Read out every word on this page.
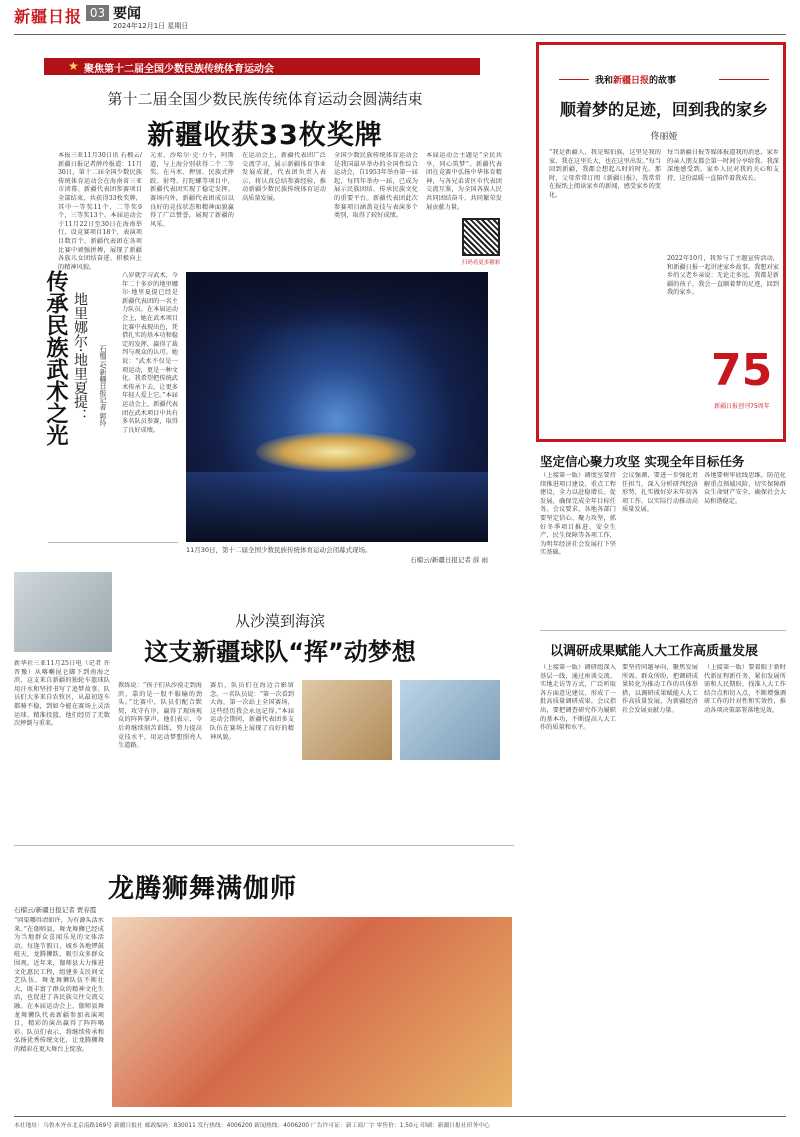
新疆日报 03 要闻
2024年12月1日 星期日
★ 聚焦第十二届全国少数民族传统体育运动会
第十二届全国少数民族传统体育运动会圆满结束
新疆收获33枚奖牌
本报三亚11月30日讯 石榴云/新疆日报记者薛玲报道：11月30日，第十二届全国少数民族传统体育运动会在海南省三亚市闭幕。新疆代表团参赛项目全部结束，共获得33枚奖牌，其中一等奖11个，二等奖9个，三等奖13个。本届运动会于11月22日至30日在海南举行，设竞赛项目18个，表演项目数百个，新疆代表团在各项比赛中顽强拼搏，展现了新疆各族儿女团结奋进、积极向上的精神风貌。
元朮、沙哈尔·克·力千，阿斯道，与上海分别获得二个二等奖。在马术、押加、民族式摔跤、射弩、打陀螺等项目中，新疆代表团实现了稳定发挥。赛场内外，新疆代表团成员以良好的竞技状态和精神面貌赢得了广泛赞誉，展现了新疆的风采。
在运动会上，新疆代表团广泛交流学习，展示新疆体育事业发展成就，代表团负责人表示，将认真总结参赛经验，推动新疆少数民族传统体育运动高质量发展。
全国少数民族传统体育运动会是我国最早举办的全国性综合运动会，自1953年举办第一届起，每四年举办一届，已成为展示民族团结、传承民族文化的重要平台。新疆代表团此次参赛项目涵盖竞技与表演多个类别，取得了较好成绩。
本届运动会主题是“全民共享，同心筑梦”。新疆代表团在竞赛中弘扬中华体育精神，与各兄弟省区市代表团交流互鉴，为全国各族人民共同团结奋斗、共同繁荣发展贡献力量。
传承民族武术之光 地里娜尔·地里夏提： 石榴云/新疆日报记者 郭玲
八岁就学习武术，今年二十多岁的地里娜尔·地里夏提已经是新疆代表团的一名主力队员。在本届运动会上，她在武术项目比赛中表现出色，凭借扎实的基本功和稳定的发挥，赢得了裁判与观众的认可。她说：“武术不仅是一项运动，更是一种文化。我希望把传统武术传承下去，让更多年轻人爱上它。”本届运动会上，新疆代表团在武术项目中共有多名队员参赛，取得了良好成绩。
11月30日，第十二届全国少数民族传统体育运动会闭幕式现场。
石榴云/新疆日报记者 薛 雨
从沙漠到海滨
这支新疆球队“挥”动梦想
新华社三亚11月25日电（记者 许晋豫）从喀喇昆仑脚下到南海之滨，这支来自新疆的独轮车篮球队用汗水和坚持书写了追梦故事。队员们大多来自农牧区，从最初连车都骑不稳，到如今能在赛场上灵活运球、精准投篮，他们经历了无数次摔倒与重来。
教练说：“孩子们从沙漠走到海滨，靠的是一股不服输的劲头。”比赛中，队员们配合默契，攻守有序，赢得了现场观众的阵阵掌声。他们表示，今后将继续刻苦训练，努力提高竞技水平，用运动梦想照亮人生道路。
赛后，队员们在海边合影留念。一名队员说：“第一次看到大海，第一次站上全国赛场，这些经历我会永远记得。”本届运动会期间，新疆代表团多支队伍在赛场上展现了良好的精神风貌。
龙腾狮舞满伽师
石榴云/新疆日报记者 贾春霞
“问渠哪得清如许，为有源头活水来。”在伽师县，舞龙舞狮已经成为当地群众喜闻乐见的文体活动。每逢节假日，城乡各地锣鼓喧天，龙腾狮跃，吸引众多群众围观。近年来，伽师县大力推进文化惠民工程，组建多支民间文艺队伍，舞龙舞狮队伍不断壮大，既丰富了群众的精神文化生活，也促进了各民族交往交流交融。在本届运动会上，伽师县舞龙舞狮队代表新疆参加表演项目，精彩的演出赢得了阵阵喝彩。队员们表示，将继续传承和弘扬优秀传统文化，让龙腾狮舞的精彩在更大舞台上绽放。
我和新疆日报的故事
顺着梦的足迹，回到我的家乡
佟丽娅
“我是新疆人，我是锡伯族，这里是我的家，我在这里长大，也在这里出发。”每当回到新疆，我都会想起儿时的时光。那时，父母常常订阅《新疆日报》，我常常在报纸上阅读家乡的新闻，感受家乡的变化。
每当新疆日报等媒体报道我的消息，家乡的亲人朋友都会第一时间分享给我。我深深地感受到，家乡人民对我的关心和支持，这份温暖一直陪伴着我成长。
2022年10月，我参与了主题宣传活动，和新疆日报一起讲述家乡故事。我想对家乡的父老乡亲说：无论走多远，我都是新疆的孩子，我会一直顺着梦的足迹，回到我的家乡。
75
新疆日报创刊75周年
扫码看更多精彩
坚定信心聚力攻坚 实现全年目标任务
（上接第一版）调度室要持续推进项目建设、重点工程建设，全力以赴稳增长、促发展，确保完成全年目标任务。会议要求，各地各部门要坚定信心、聚力攻坚，抓好冬季项目推进、安全生产、民生保障等各项工作，为明年经济社会发展打下坚实基础。
会议强调，要进一步强化责任担当，深入分析研判经济形势，扎实做好岁末年初各项工作，以实际行动推动高质量发展。
各地要树牢底线思维，防范化解重点领域风险，切实保障群众生命财产安全，确保社会大局和谐稳定。
以调研成果赋能人大工作高质量发展
（上接第一版）调研组深入基层一线，通过座谈交流、实地走访等方式，广泛听取各方面意见建议，形成了一批高质量调研成果。会议指出，要把调查研究作为履职的基本功，不断提高人大工作的质量和水平。
要坚持问题导向，聚焦发展所需、群众所盼，把调研成果转化为推动工作的具体举措，以调研成果赋能人大工作高质量发展，为新疆经济社会发展贡献力量。
（上接第一版）要着眼于新时代新征程新任务，紧扣发展所需和人民期盼，找准人大工作结合点和切入点，不断增强调研工作的针对性和实效性，推动各项决策部署落地见效。
本社地址：乌鲁木齐市北京南路169号 新疆日报社 邮政编码：830011 发行热线：4006200 新闻热线：4006200 广告许可证：新工商广字 零售价：1.50元 印刷：新疆日报社印务中心
